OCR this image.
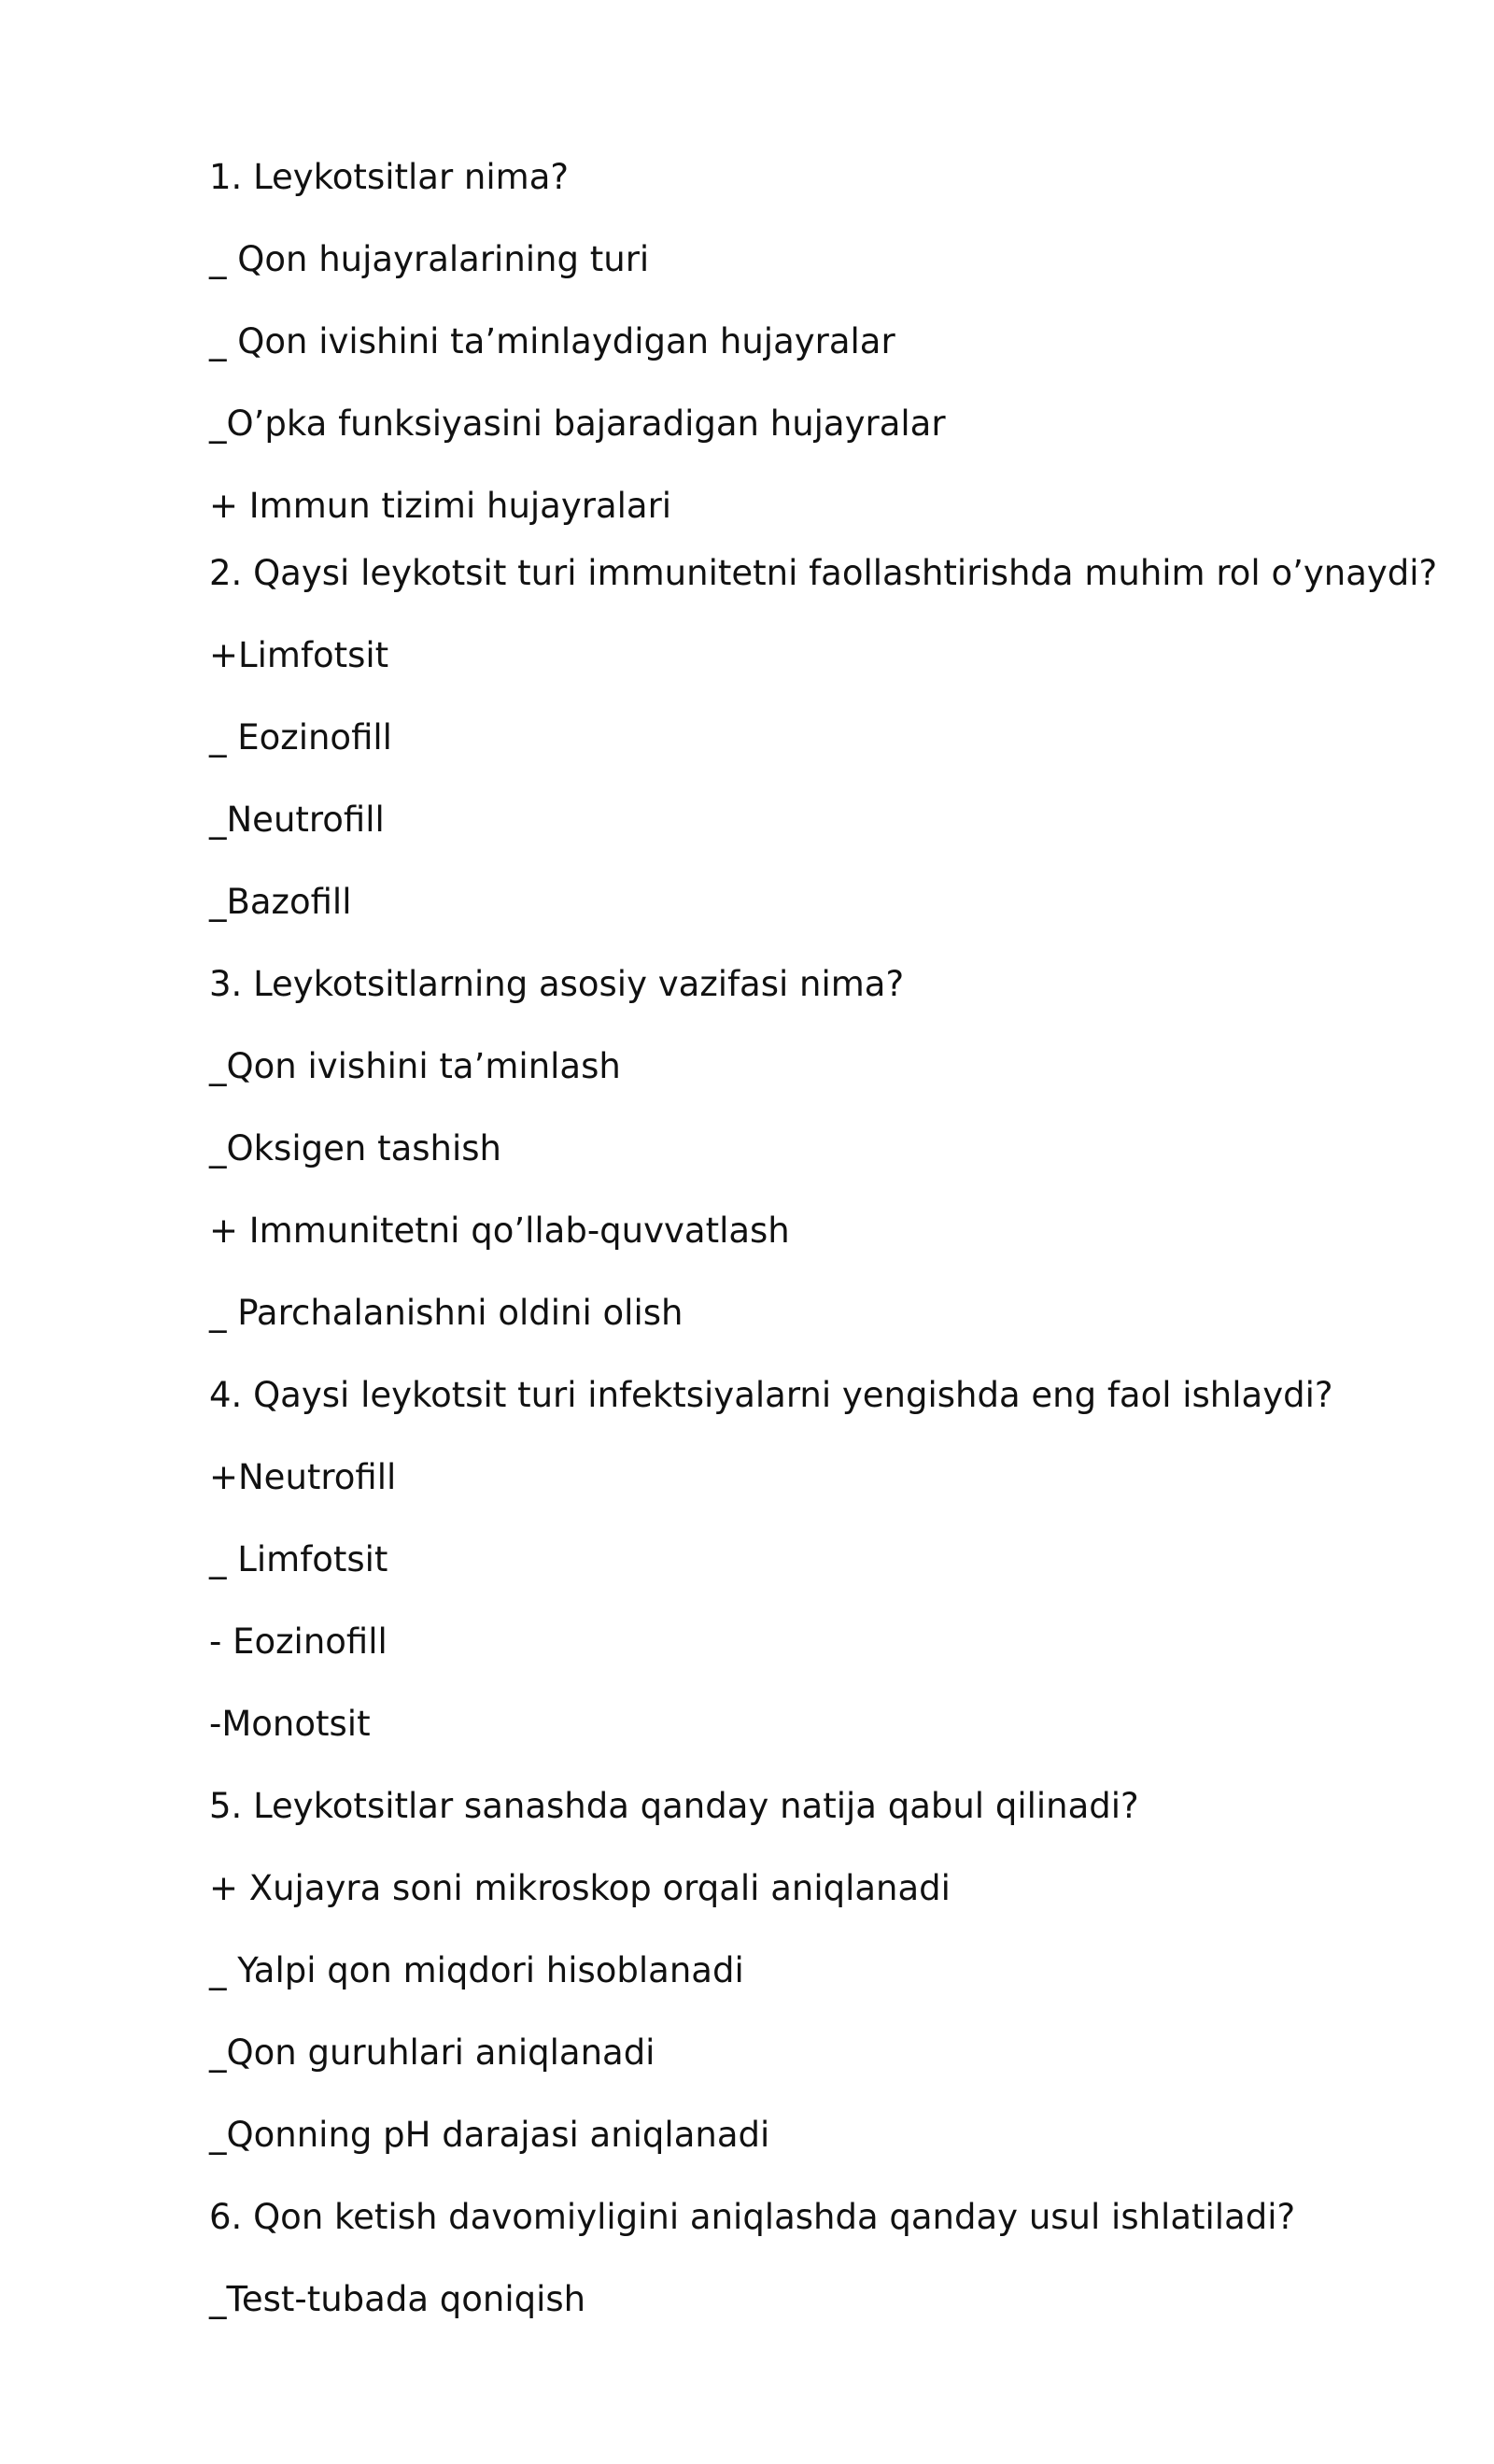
1. Leykotsitlar nima?
_ Qon hujayralarining turi
_ Qon ivishini ta’minlaydigan hujayralar
_O’pka funksiyasini bajaradigan hujayralar
+ Immun tizimi hujayralari
2. Qaysi leykotsit turi immunitetni faollashtirishda muhim rol o’ynaydi?
+Limfotsit
_ Eozinofill
_Neutrofill
_Bazofill
3. Leykotsitlarning asosiy vazifasi nima?
_Qon ivishini ta’minlash
_Oksigen tashish
+ Immunitetni qo’llab-quvvatlash
_ Parchalanishni oldini olish
4. Qaysi leykotsit turi infektsiyalarni yengishda eng faol ishlaydi?
+Neutrofill
_ Limfotsit
- Eozinofill
-Monotsit
5. Leykotsitlar sanashda qanday natija qabul qilinadi?
+ Xujayra soni mikroskop orqali aniqlanadi
_ Yalpi qon miqdori hisoblanadi
_Qon guruhlari aniqlanadi
_Qonning pH darajasi aniqlanadi
6. Qon ketish davomiyligini aniqlashda qanday usul ishlatiladi?
_Test-tubada qoniqish
